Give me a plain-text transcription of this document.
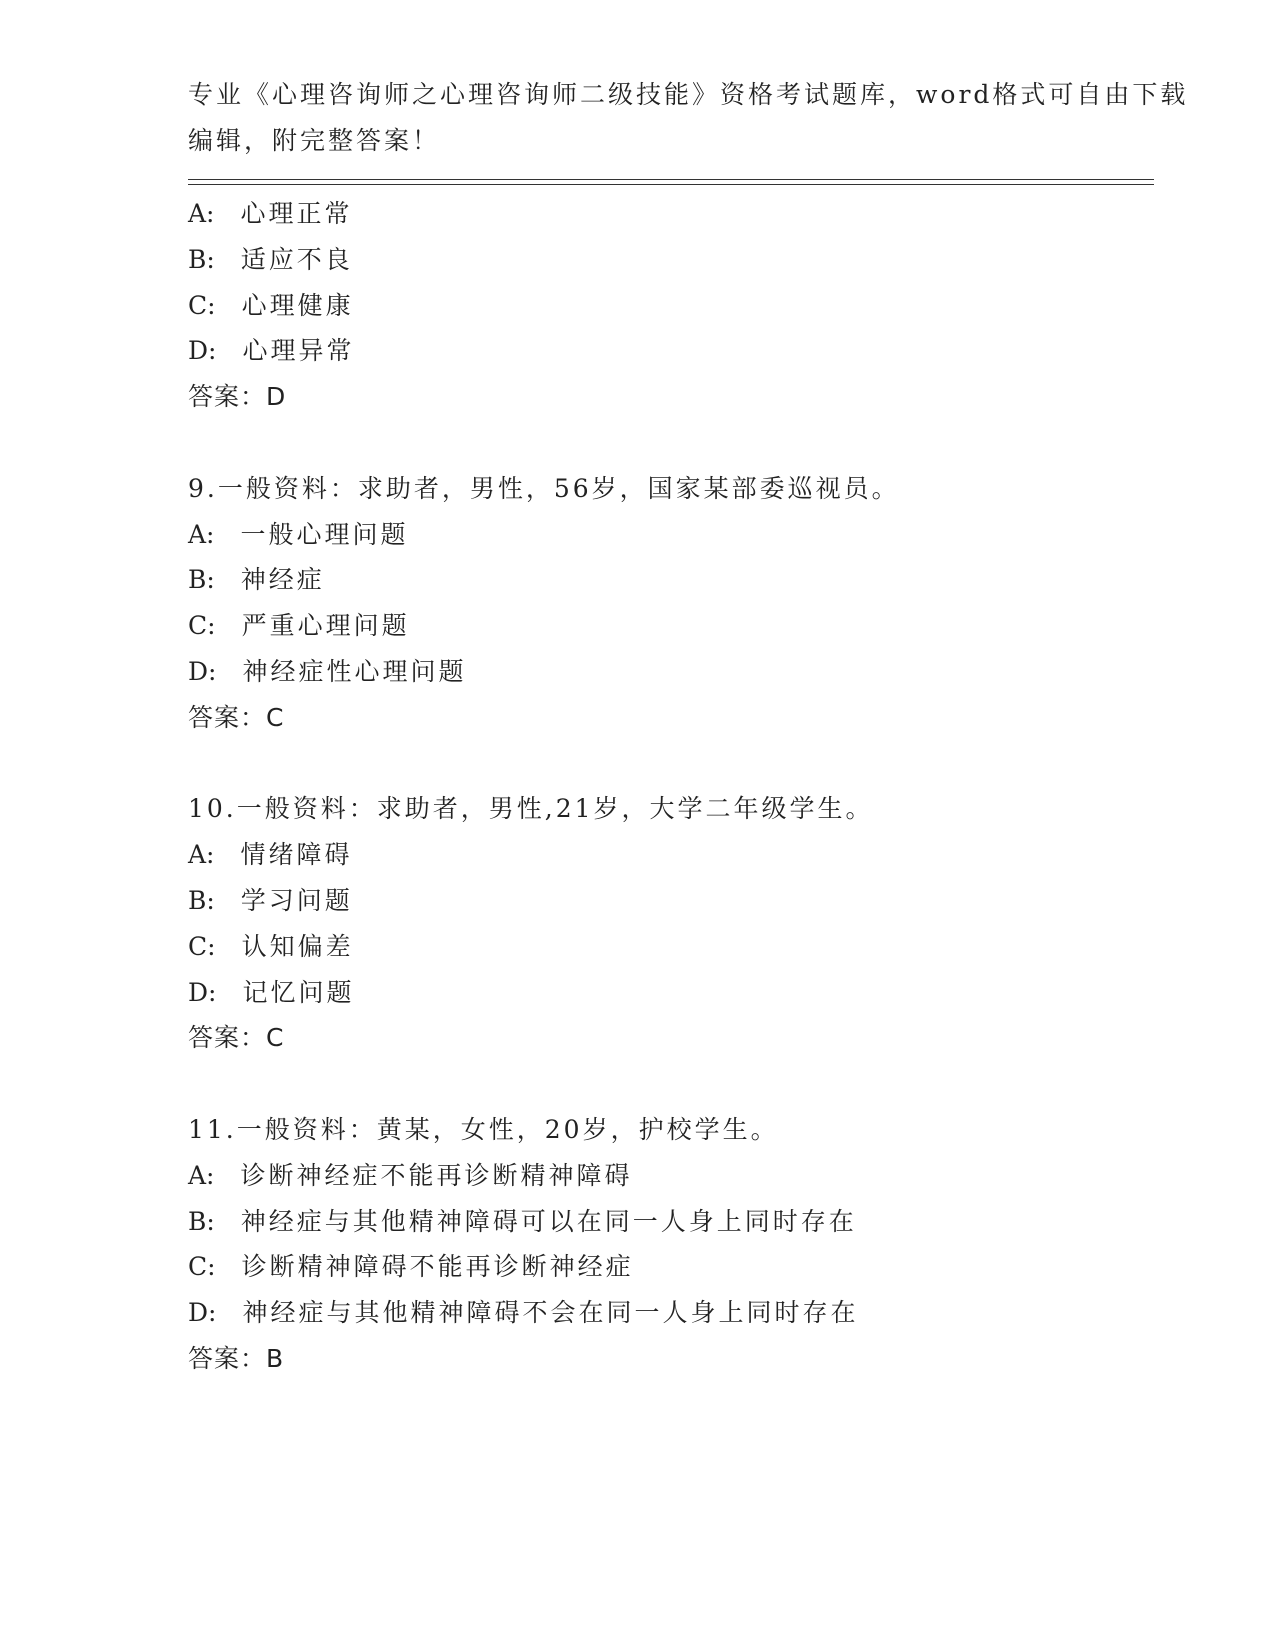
专业《心理咨询师之心理咨询师二级技能》资格考试题库，word格式可自由下载
编辑，附完整答案！
A: 心理正常
B: 适应不良
C: 心理健康
D: 心理异常
答案：D
9.一般资料：求助者，男性，56岁，国家某部委巡视员。
A: 一般心理问题
B: 神经症
C: 严重心理问题
D: 神经症性心理问题
答案：C
10.一般资料：求助者，男性,21岁，大学二年级学生。
A: 情绪障碍
B: 学习问题
C: 认知偏差
D: 记忆问题
答案：C
11.一般资料：黄某，女性，20岁，护校学生。
A: 诊断神经症不能再诊断精神障碍
B: 神经症与其他精神障碍可以在同一人身上同时存在
C: 诊断精神障碍不能再诊断神经症
D: 神经症与其他精神障碍不会在同一人身上同时存在
答案：B
